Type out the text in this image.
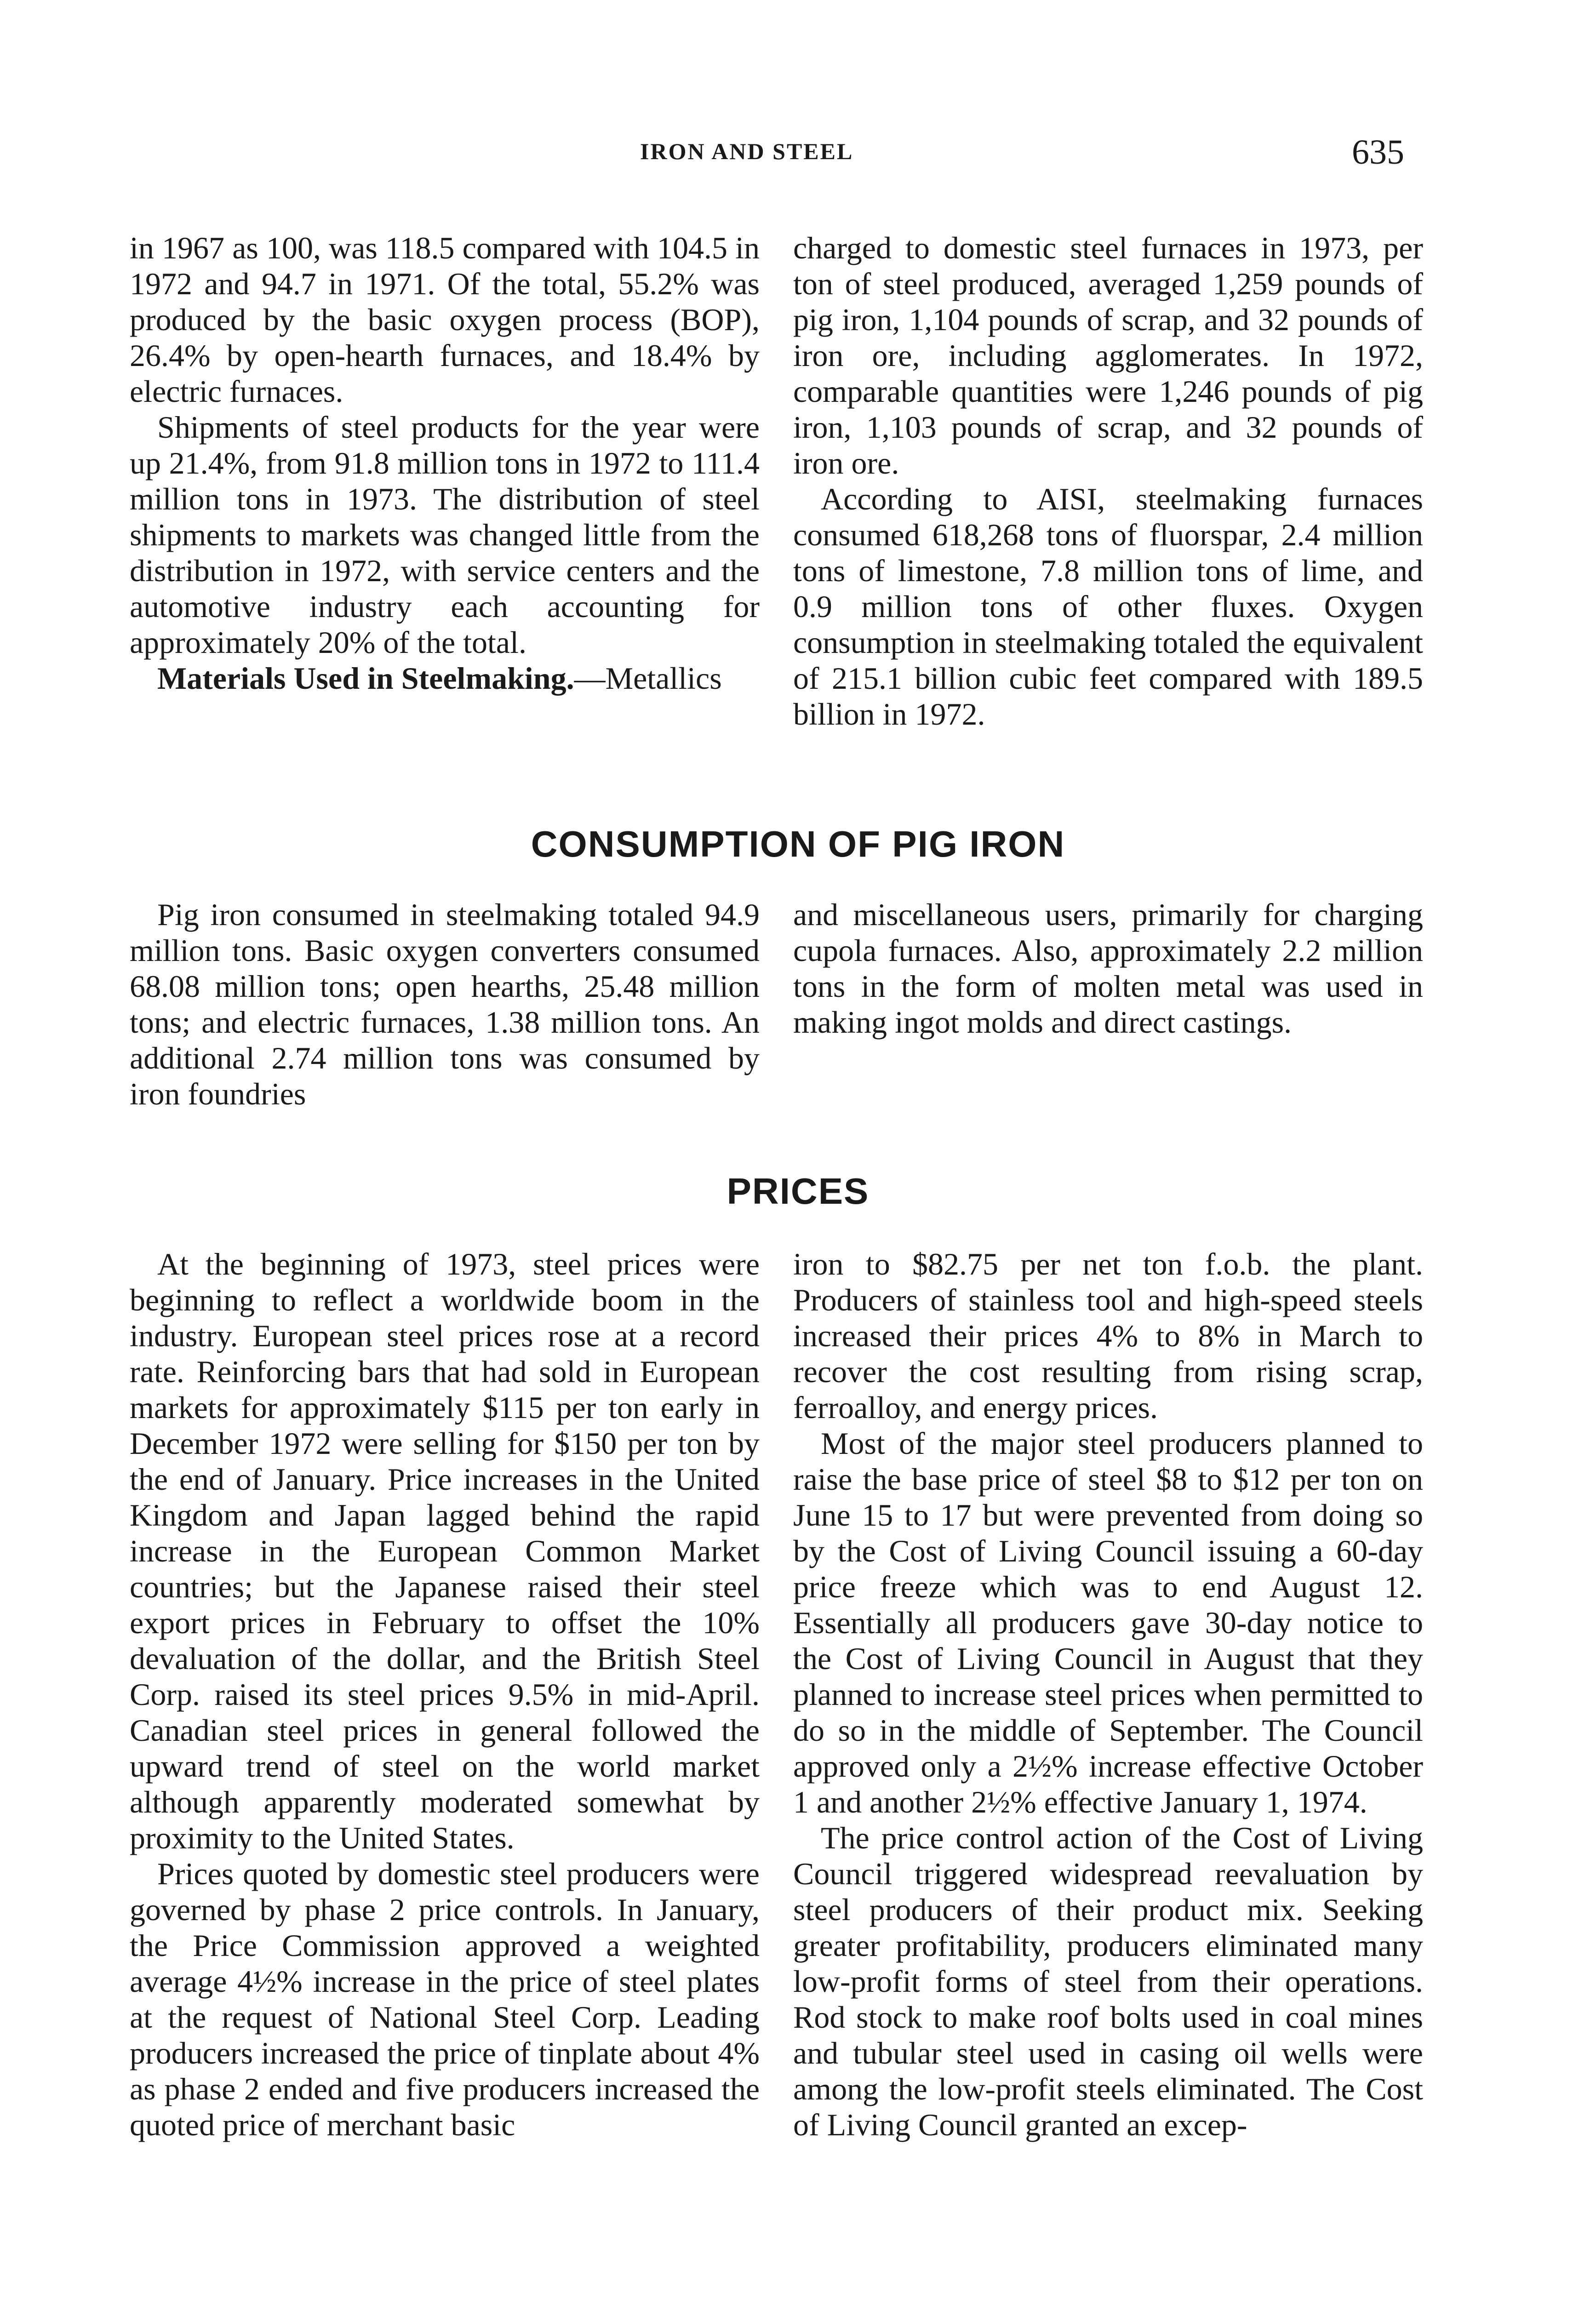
IRON AND STEEL	635

in 1967 as 100, was 118.5 compared with 104.5 in 1972 and 94.7 in 1971. Of the total, 55.2% was produced by the basic oxygen process (BOP), 26.4% by open-hearth furnaces, and 18.4% by electric furnaces.

Shipments of steel products for the year were up 21.4%, from 91.8 million tons in 1972 to 111.4 million tons in 1973. The distribution of steel shipments to markets was changed little from the distribution in 1972, with service centers and the automotive industry each accounting for approximately 20% of the total.

Materials Used in Steelmaking.—Metallics

charged to domestic steel furnaces in 1973, per ton of steel produced, averaged 1,259 pounds of pig iron, 1,104 pounds of scrap, and 32 pounds of iron ore, including agglomerates. In 1972, comparable quantities were 1,246 pounds of pig iron, 1,103 pounds of scrap, and 32 pounds of iron ore.

According to AISI, steelmaking furnaces consumed 618,268 tons of fluorspar, 2.4 million tons of limestone, 7.8 million tons of lime, and 0.9 million tons of other fluxes. Oxygen consumption in steelmaking totaled the equivalent of 215.1 billion cubic feet compared with 189.5 billion in 1972.

CONSUMPTION OF PIG IRON

Pig iron consumed in steelmaking totaled 94.9 million tons. Basic oxygen converters consumed 68.08 million tons; open hearths, 25.48 million tons; and electric furnaces, 1.38 million tons. An additional 2.74 million tons was consumed by iron foundries

and miscellaneous users, primarily for charging cupola furnaces. Also, approximately 2.2 million tons in the form of molten metal was used in making ingot molds and direct castings.

PRICES

At the beginning of 1973, steel prices were beginning to reflect a worldwide boom in the industry. European steel prices rose at a record rate. Reinforcing bars that had sold in European markets for approximately $115 per ton early in December 1972 were selling for $150 per ton by the end of January. Price increases in the United Kingdom and Japan lagged behind the rapid increase in the European Common Market countries; but the Japanese raised their steel export prices in February to offset the 10% devaluation of the dollar, and the British Steel Corp. raised its steel prices 9.5% in mid-April. Canadian steel prices in general followed the upward trend of steel on the world market although apparently moderated somewhat by proximity to the United States.

Prices quoted by domestic steel producers were governed by phase 2 price controls. In January, the Price Commission approved a weighted average 4½% increase in the price of steel plates at the request of National Steel Corp. Leading producers increased the price of tinplate about 4% as phase 2 ended and five producers increased the quoted price of merchant basic

iron to $82.75 per net ton f.o.b. the plant. Producers of stainless tool and high-speed steels increased their prices 4% to 8% in March to recover the cost resulting from rising scrap, ferroalloy, and energy prices.

Most of the major steel producers planned to raise the base price of steel $8 to $12 per ton on June 15 to 17 but were prevented from doing so by the Cost of Living Council issuing a 60-day price freeze which was to end August 12. Essentially all producers gave 30-day notice to the Cost of Living Council in August that they planned to increase steel prices when permitted to do so in the middle of September. The Council approved only a 2½% increase effective October 1 and another 2½% effective January 1, 1974.

The price control action of the Cost of Living Council triggered widespread reevaluation by steel producers of their product mix. Seeking greater profitability, producers eliminated many low-profit forms of steel from their operations. Rod stock to make roof bolts used in coal mines and tubular steel used in casing oil wells were among the low-profit steels eliminated. The Cost of Living Council granted an excep-
